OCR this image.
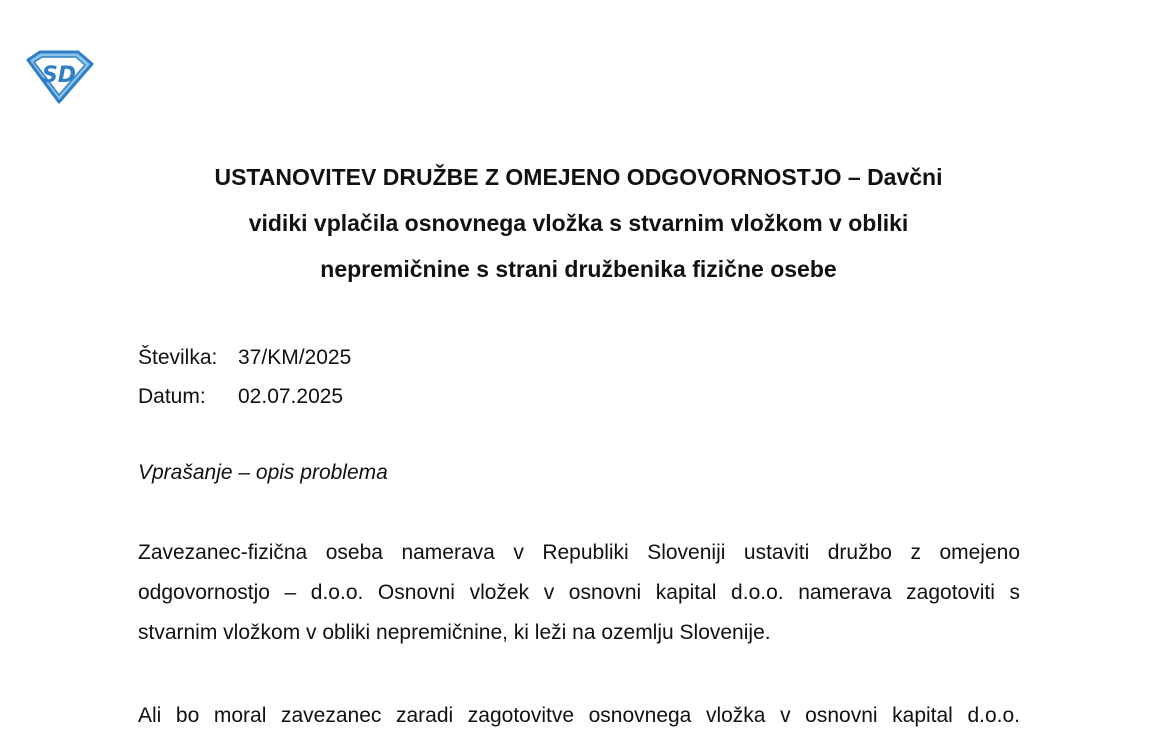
SD
USTANOVITEV DRUŽBE Z OMEJENO ODGOVORNOSTJO – Davčni
vidiki vplačila osnovnega vložka s stvarnim vložkom v obliki
nepremičnine s strani družbenika fizične osebe
Številka: 37/KM/2025
Datum:	02.07.2025
Vprašanje – opis problema
Zavezanec-fizična oseba namerava v Republiki Sloveniji ustaviti družbo z omejeno
odgovornostjo – d.o.o. Osnovni vložek v osnovni kapital d.o.o. namerava zagotoviti s
stvarnim vložkom v obliki nepremičnine, ki leži na ozemlju Slovenije.
Ali bo moral zavezanec zaradi zagotovitve osnovnega vložka v osnovni kapital d.o.o.
